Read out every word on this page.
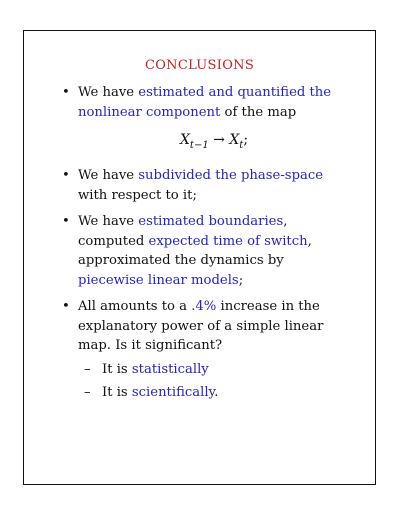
CONCLUSIONS
• We have estimated and quantified the nonlinear component of the map
$X_{t-1} \to X_t$;
• We have subdivided the phase-space with respect to it;
• We have estimated boundaries, computed expected time of switch, approximated the dynamics by piecewise linear models;
• All amounts to a .4% increase in the explanatory power of a simple linear map. Is it significant?
– It is statistically
– It is scientifically.
